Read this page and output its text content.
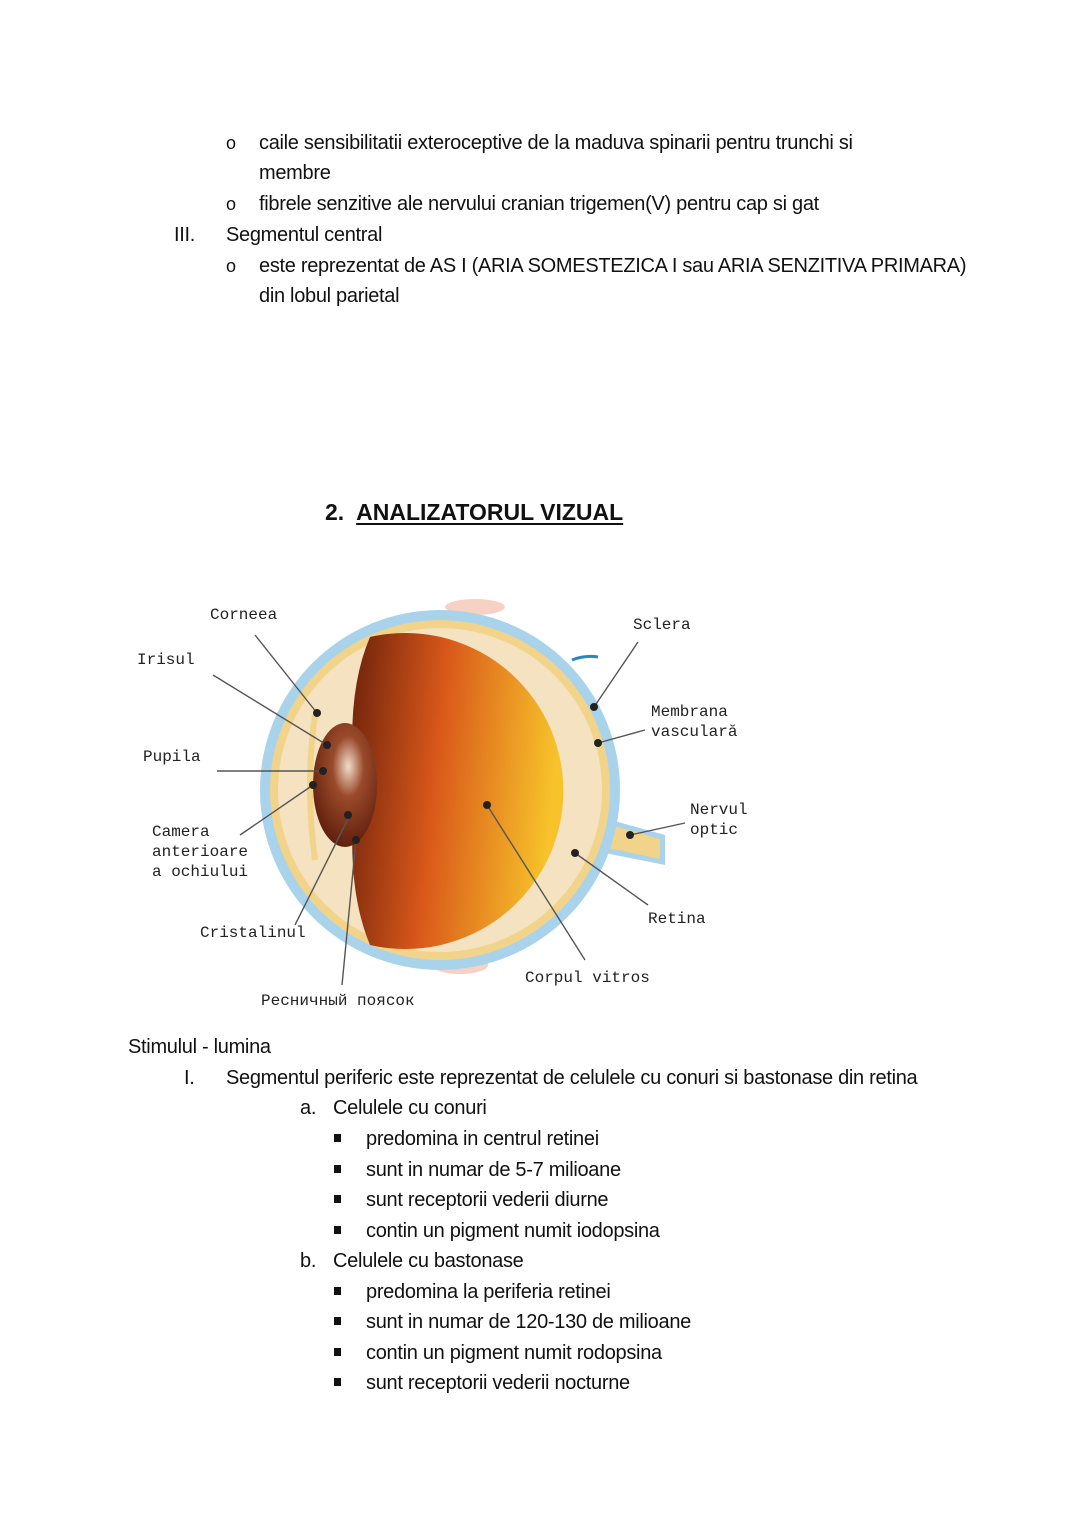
o caile sensibilitatii exteroceptive de la maduva spinarii pentru trunchi si
membre
o fibrele senzitive ale nervului cranian trigemen(V) pentru cap si gat
III. Segmentul central
o este reprezentat de AS I (ARIA SOMESTEZICA I sau ARIA SENZITIVA PRIMARA)
din lobul parietal
2. ANALIZATORUL VIZUAL
Corneea
Irisul
Pupila
Camera
anterioare
a ochiului
Cristalinul
Ресничный поясок
Sclera
Membrana
vasculară
Nervul
optic
Retina
Corpul vitros
Stimulul - lumina
I. Segmentul periferic este reprezentat de celulele cu conuri si bastonase din retina
a. Celulele cu conuri
predomina in centrul retinei
sunt in numar de 5-7 milioane
sunt receptorii vederii diurne
contin un pigment numit iodopsina
b. Celulele cu bastonase
predomina la periferia retinei
sunt in numar de 120-130 de milioane
contin un pigment numit rodopsina
sunt receptorii vederii nocturne
